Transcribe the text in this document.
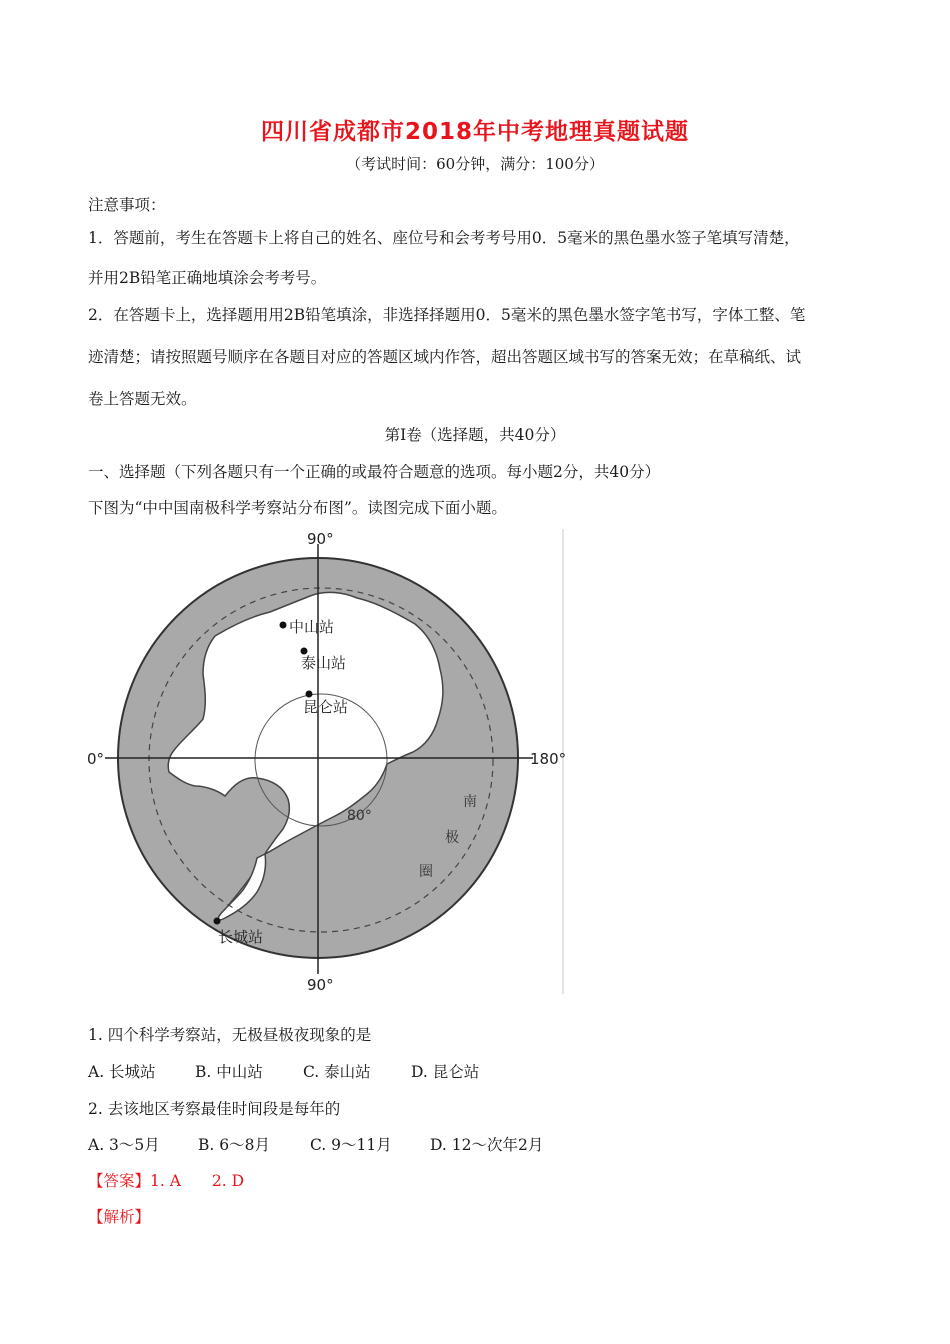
四川省成都市2018年中考地理真题试题
（考试时间：60分钟，满分：100分）
注意事项：
1．答题前，考生在答题卡上将自己的姓名、座位号和会考考号用0．5毫米的黑色墨水签子笔填写清楚，
并用2B铅笔正确地填涂会考考号。
2．在答题卡上，选择题用用2B铅笔填涂，非选择择题用0．5毫米的黑色墨水签字笔书写，字体工整、笔
迹清楚；请按照题号顺序在各题目对应的答题区域内作答，超出答题区域书写的答案无效；在草稿纸、试
卷上答题无效。
第Ⅰ卷（选择题，共40分）
一、选择题（下列各题只有一个正确的或最符合题意的选项。每小题2分，共40分）
下图为“中中国南极科学考察站分布图”。读图完成下面小题。
90°
90°
0°	180°
80°
南
极
圈
中山站
泰山站
昆仑站
长城站
1. 四个科学考察站，无极昼极夜现象的是
A. 长城站	B. 中山站	C. 泰山站	D. 昆仑站
2. 去该地区考察最佳时间段是每年的
A. 3～5月 B. 6～8月	C. 9～11月 D. 12～次年2月
【答案】1. A　　2. D
【解析】
